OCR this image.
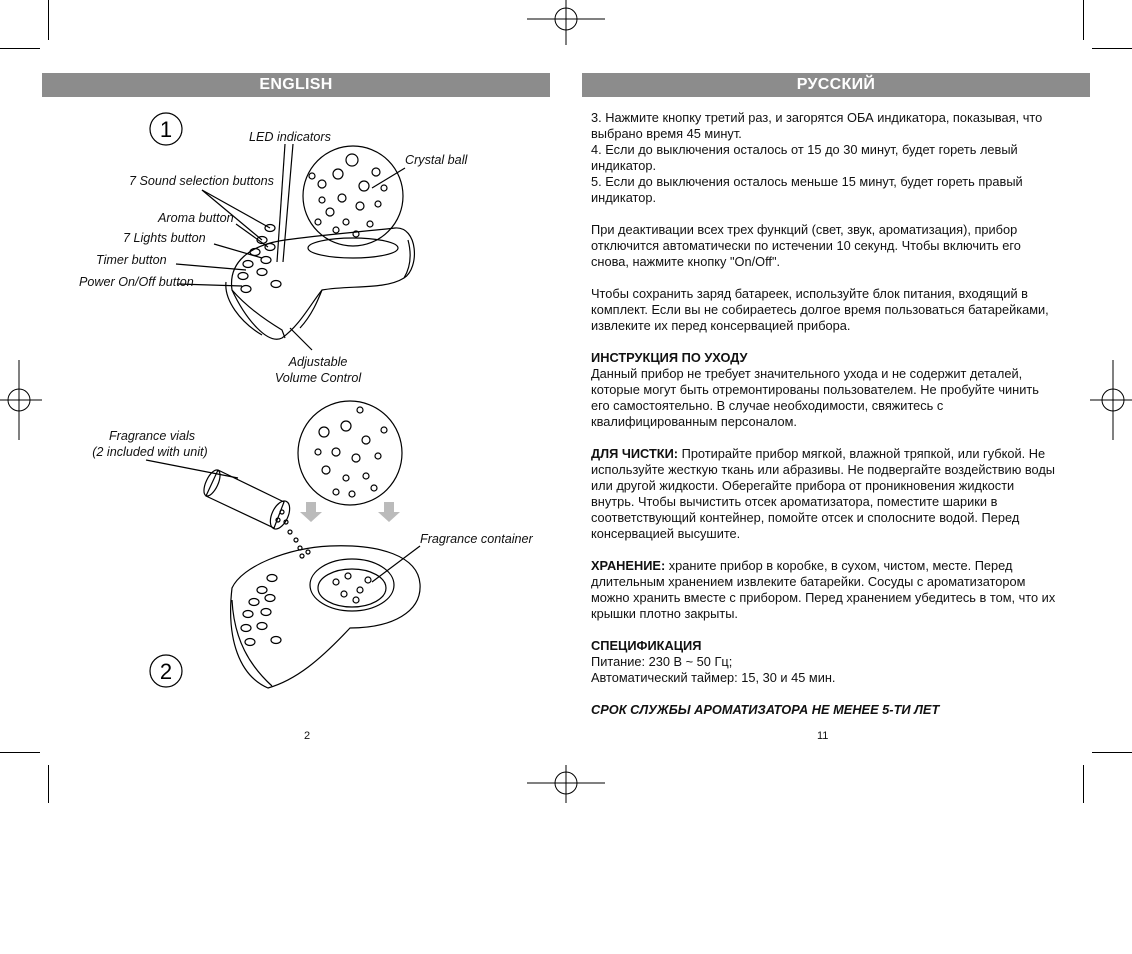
ENGLISH	РУССКИЙ
1
2
LED indicators
Crystal ball
7 Sound selection buttons
Aroma button
7 Lights button
Timer button
Power On/Off button
Adjustable
Volume Control
Fragrance vials
(2 included with unit)
Fragrance container

3. Нажмите кнопку третий раз, и загорятся ОБА индикатора, показывая, что выбрано время 45 минут.
4. Если до выключения осталось от 15 до 30 минут, будет гореть левый индикатор.
5. Если до выключения осталось меньше 15 минут, будет гореть правый индикатор.

При деактивации всех трех функций (свет, звук, ароматизация), прибор отключится автоматически по истечении 10 секунд. Чтобы включить его снова, нажмите кнопку "On/Off".

Чтобы сохранить заряд батареек, используйте блок питания, входящий в комплект. Если вы не собираетесь долгое время пользоваться батарейками, извлеките их перед консервацией прибора.

ИНСТРУКЦИЯ ПО УХОДУ
Данный прибор не требует значительного ухода и не содержит деталей, которые могут быть отремонтированы пользователем. Не пробуйте чинить его самостоятельно. В случае необходимости, свяжитесь с квалифицированным персоналом.

ДЛЯ ЧИСТКИ: Протирайте прибор мягкой, влажной тряпкой, или губкой. Не используйте жесткую ткань или абразивы. Не подвергайте воздействию воды или другой жидкости. Оберегайте прибора от проникновения жидкости внутрь. Чтобы вычистить отсек ароматизатора, поместите шарики в соответствующий контейнер, помойте отсек и сполосните водой. Перед консервацией высушите.

ХРАНЕНИЕ: храните прибор в коробке, в сухом, чистом, месте. Перед длительным хранением извлеките батарейки. Сосуды с ароматизатором можно хранить вместе с прибором. Перед хранением убедитесь в том, что их крышки плотно закрыты.

СПЕЦИФИКАЦИЯ
Питание: 230 В ~ 50 Гц;
Автоматический таймер: 15, 30 и 45 мин.

СРОК СЛУЖБЫ АРОМАТИЗАТОРА НЕ МЕНЕЕ 5-ТИ ЛЕТ

2	11
